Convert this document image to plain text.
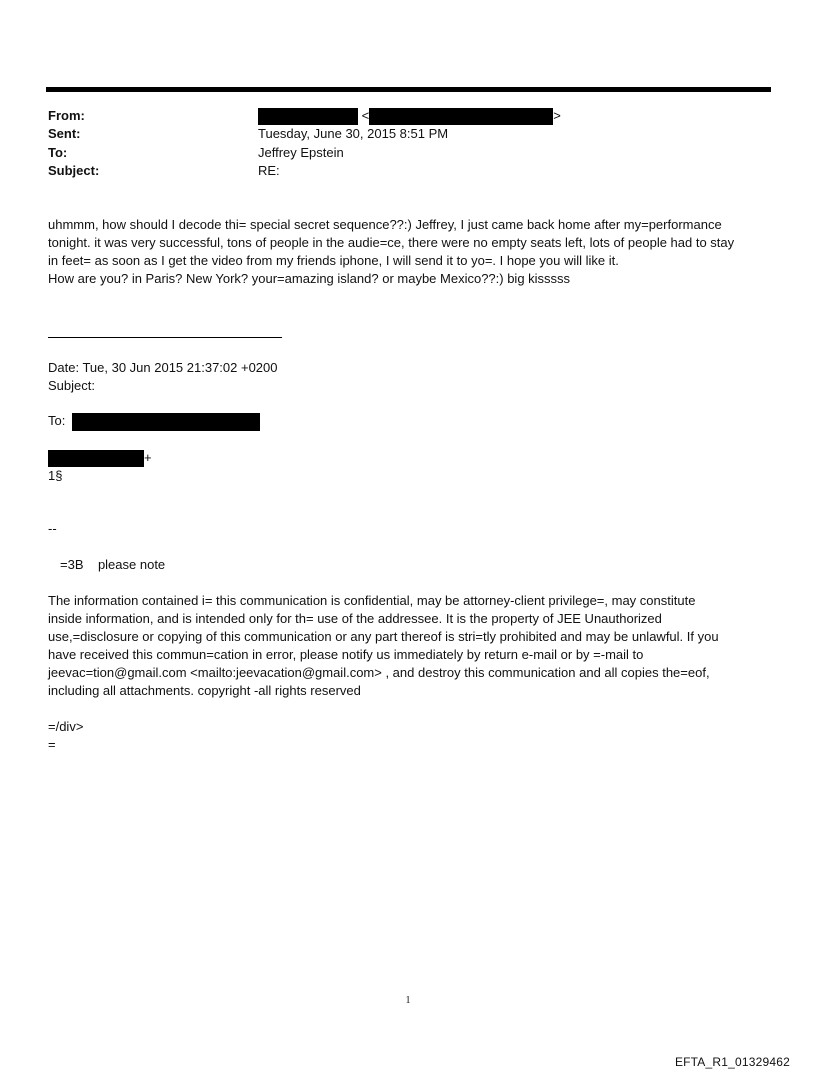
From:	<	>
Sent:	Tuesday, June 30, 2015 8:51 PM
To:	Jeffrey Epstein
Subject:	RE:
uhmmm, how should I decode thi= special secret sequence??:) Jeffrey, I just came back home after my=performance
tonight. it was very successful, tons of people in the audie=ce, there were no empty seats left, lots of people had to stay
in feet= as soon as I get the video from my friends iphone, I will send it to yo=. I hope you will like it.
How are you? in Paris? New York? your=amazing island? or maybe Mexico??:) big kisssss
Date: Tue, 30 Jun 2015 21:37:02 +0200
Subject:
To:
+
1§
--
=3B    please note
The information contained i= this communication is confidential, may be attorney-client privilege=, may constitute
inside information, and is intended only for th= use of the addressee. It is the property of JEE Unauthorized
use,=disclosure or copying of this communication or any part thereof is stri=tly prohibited and may be unlawful. If you
have received this commun=cation in error, please notify us immediately by return e-mail or by =-mail to
jeevac=tion@gmail.com <mailto:jeevacation@gmail.com> , and destroy this communication and all copies the=eof,
including all attachments. copyright -all rights reserved
=/div>
=
1
EFTA_R1_01329462
